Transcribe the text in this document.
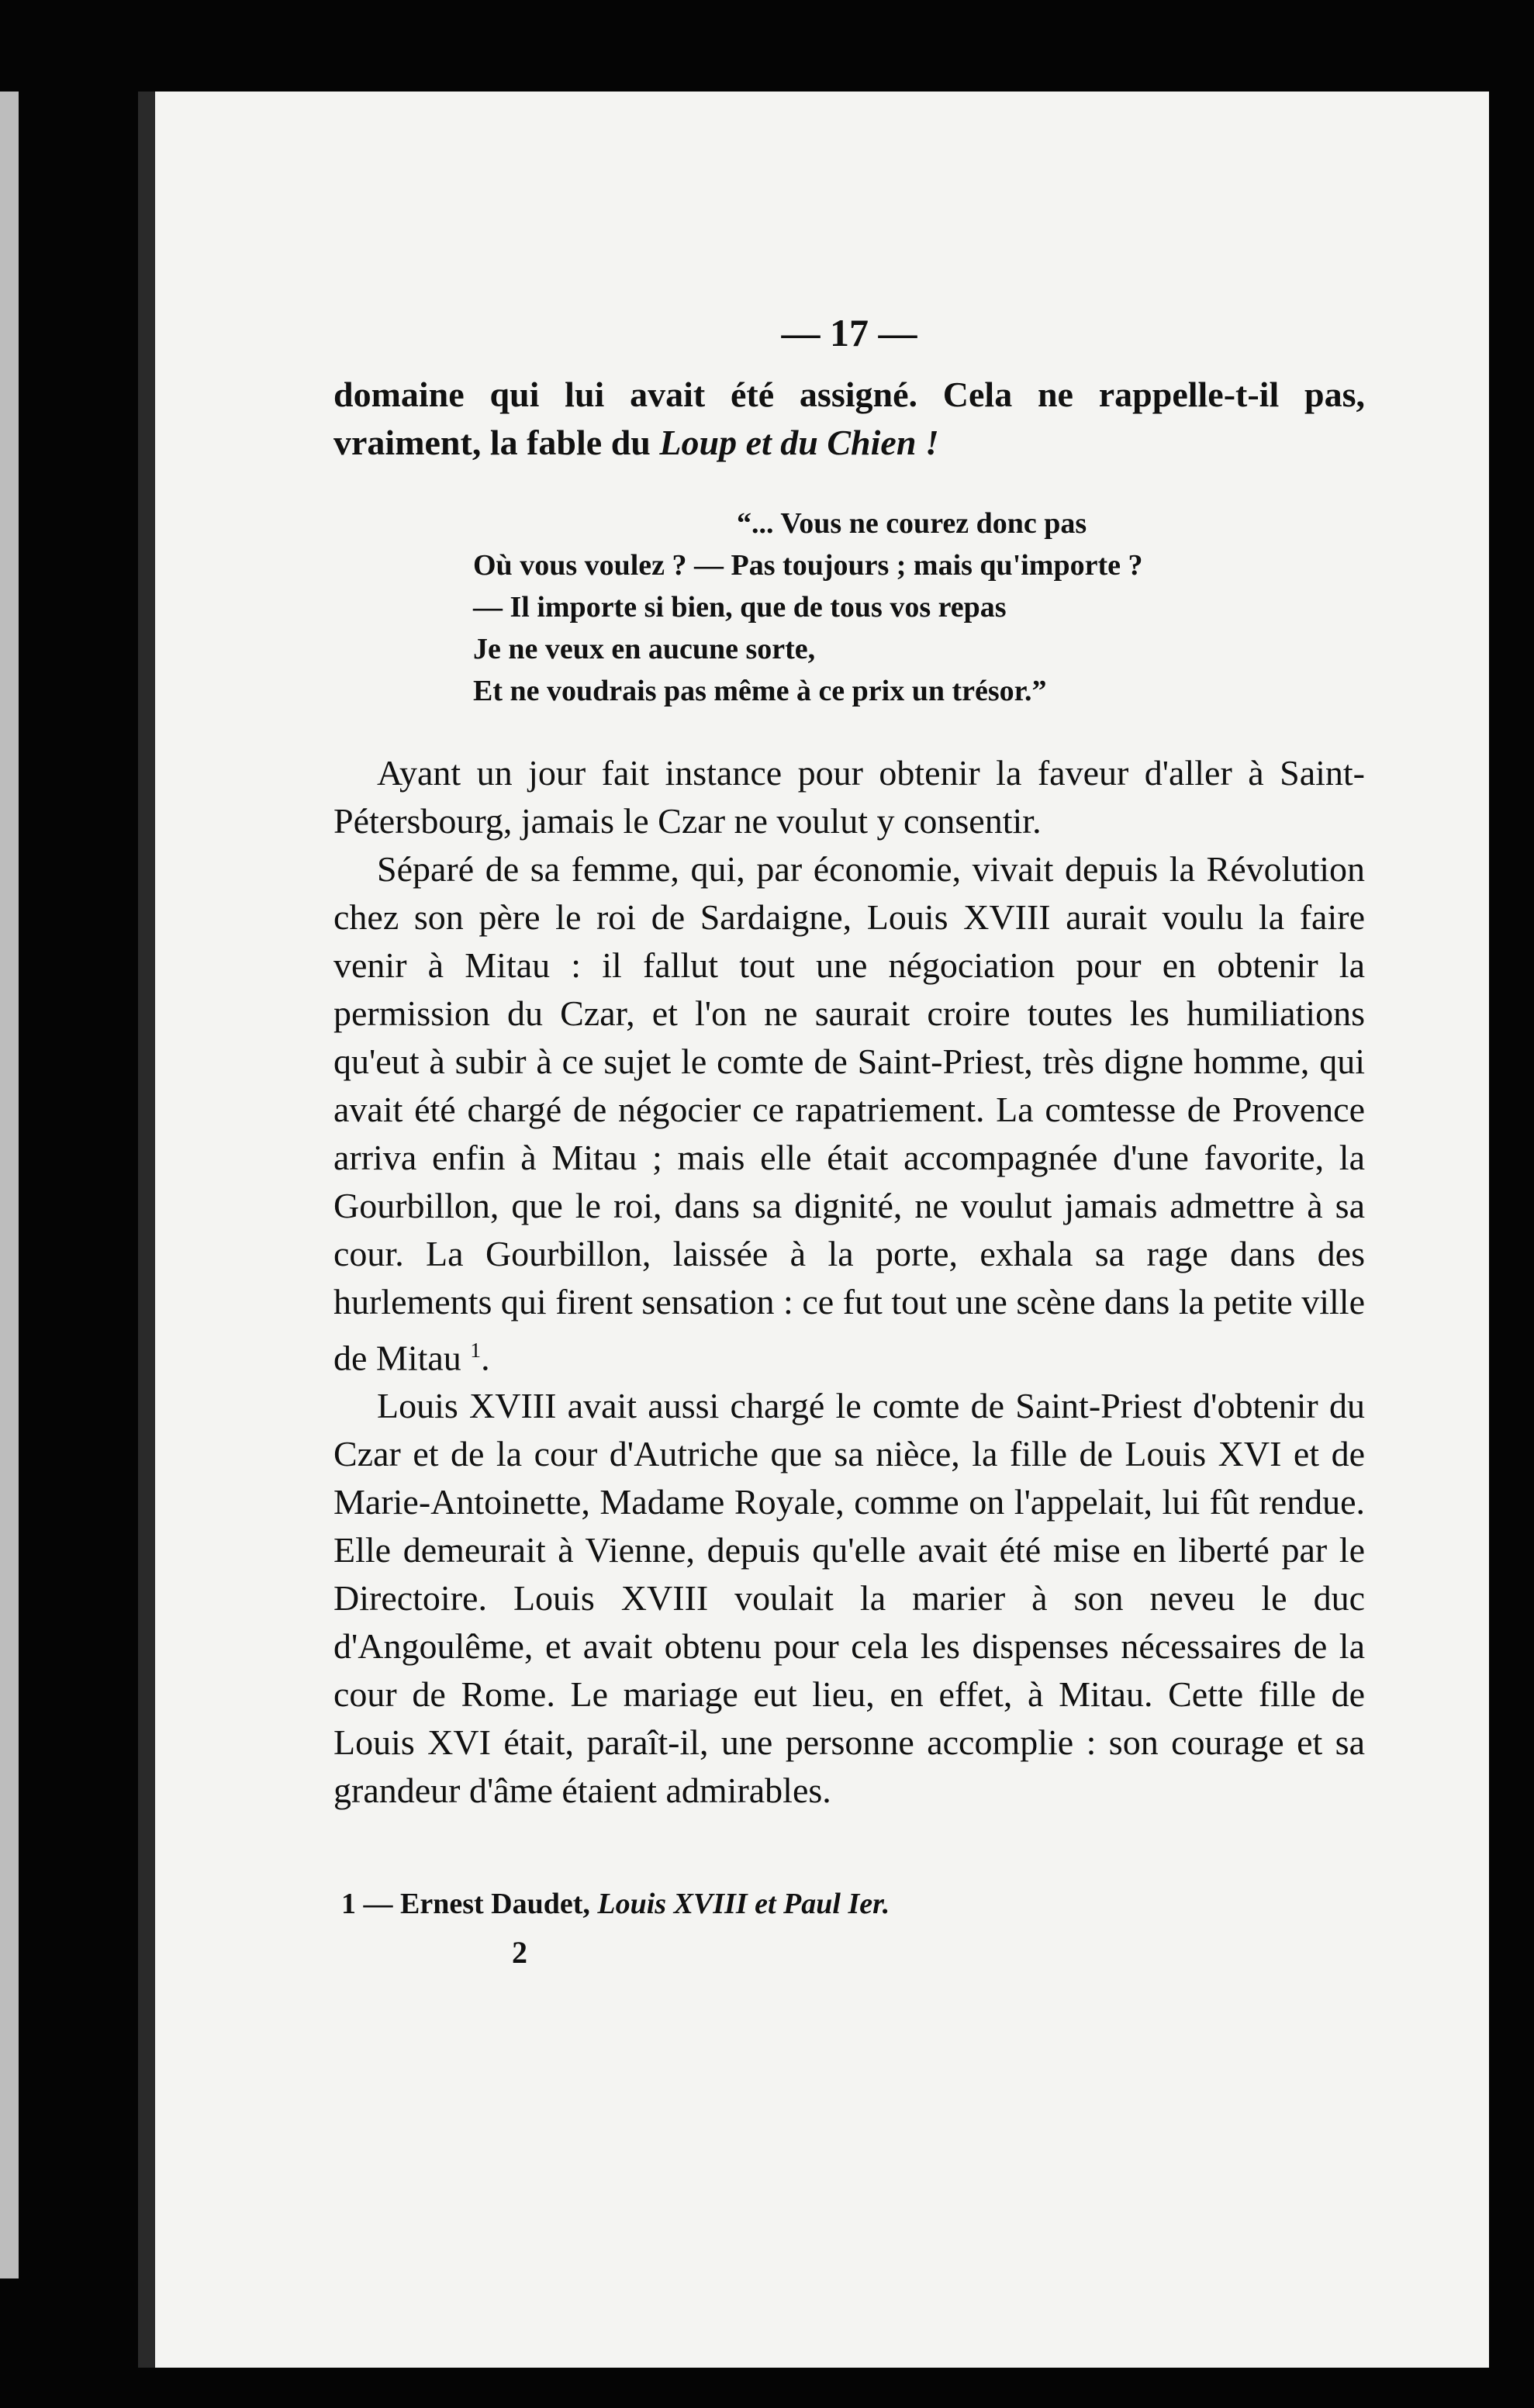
— 17 —

domaine qui lui avait été assigné. Cela ne rappelle-t-il pas, vraiment, la fable du Loup et du Chien !

“... Vous ne courez donc pas
Où vous voulez ? — Pas toujours ; mais qu'importe ?
— Il importe si bien, que de tous vos repas
Je ne veux en aucune sorte,
Et ne voudrais pas même à ce prix un trésor.”

Ayant un jour fait instance pour obtenir la faveur d'aller à Saint-Pétersbourg, jamais le Czar ne voulut y consentir.

Séparé de sa femme, qui, par économie, vivait depuis la Révolution chez son père le roi de Sardaigne, Louis XVIII aurait voulu la faire venir à Mitau : il fallut tout une négociation pour en obtenir la permission du Czar, et l'on ne saurait croire toutes les humiliations qu'eut à subir à ce sujet le comte de Saint-Priest, très digne homme, qui avait été chargé de négocier ce rapatriement. La comtesse de Provence arriva enfin à Mitau ; mais elle était accompagnée d'une favorite, la Gourbillon, que le roi, dans sa dignité, ne voulut jamais admettre à sa cour. La Gourbillon, laissée à la porte, exhala sa rage dans des hurlements qui firent sensation : ce fut tout une scène dans la petite ville de Mitau $^1$.

Louis XVIII avait aussi chargé le comte de Saint-Priest d'obtenir du Czar et de la cour d'Autriche que sa nièce, la fille de Louis XVI et de Marie-Antoinette, Madame Royale, comme on l'appelait, lui fût rendue. Elle demeurait à Vienne, depuis qu'elle avait été mise en liberté par le Directoire. Louis XVIII voulait la marier à son neveu le duc d'Angoulême, et avait obtenu pour cela les dispenses nécessaires de la cour de Rome. Le mariage eut lieu, en effet, à Mitau. Cette fille de Louis XVI était, paraît-il, une personne accomplie : son courage et sa grandeur d'âme étaient admirables.

1 — Ernest Daudet, Louis XVIII et Paul Ier.
2
